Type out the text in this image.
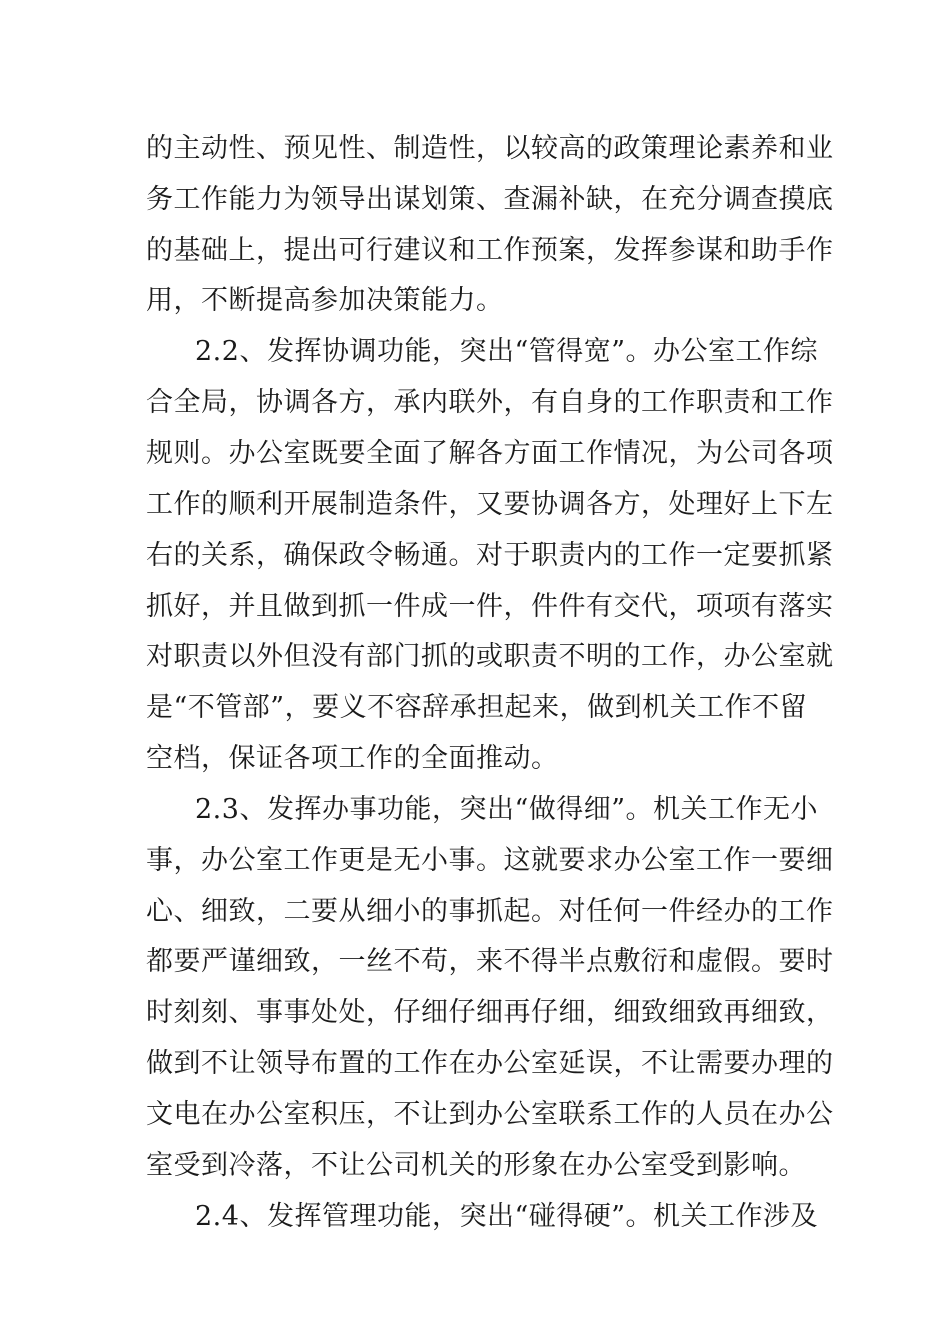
的主动性、预见性、制造性，以较高的政策理论素养和业
务工作能力为领导出谋划策、查漏补缺，在充分调查摸底
的基础上，提出可行建议和工作预案，发挥参谋和助手作
用，不断提高参加决策能力。
2.2、发挥协调功能，突出“管得宽”。办公室工作综
合全局，协调各方，承内联外，有自身的工作职责和工作
规则。办公室既要全面了解各方面工作情况，为公司各项
工作的顺利开展制造条件，又要协调各方，处理好上下左
右的关系，确保政令畅通。对于职责内的工作一定要抓紧
抓好，并且做到抓一件成一件，件件有交代，项项有落实
对职责以外但没有部门抓的或职责不明的工作，办公室就
是“不管部”，要义不容辞承担起来，做到机关工作不留
空档，保证各项工作的全面推动。
2.3、发挥办事功能，突出“做得细”。机关工作无小
事，办公室工作更是无小事。这就要求办公室工作一要细
心、细致，二要从细小的事抓起。对任何一件经办的工作
都要严谨细致，一丝不苟，来不得半点敷衍和虚假。要时
时刻刻、事事处处，仔细仔细再仔细，细致细致再细致，
做到不让领导布置的工作在办公室延误，不让需要办理的
文电在办公室积压，不让到办公室联系工作的人员在办公
室受到冷落，不让公司机关的形象在办公室受到影响。
2.4、发挥管理功能，突出“碰得硬”。机关工作涉及
